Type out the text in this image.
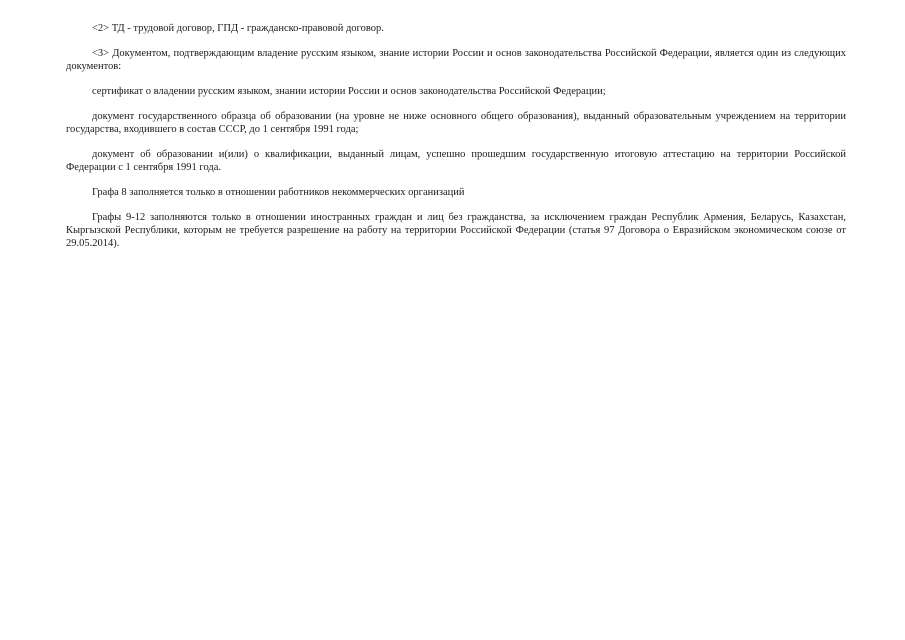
<2> ТД - трудовой договор, ГПД - гражданско-правовой договор.

<3> Документом, подтверждающим владение русским языком, знание истории России и основ законодательства Российской Федерации, является один из следующих документов:

сертификат о владении русским языком, знании истории России и основ законодательства Российской Федерации;

документ государственного образца об образовании (на уровне не ниже основного общего образования), выданный образовательным учреждением на территории государства, входившего в состав СССР, до 1 сентября 1991 года;

документ об образовании и(или) о квалификации, выданный лицам, успешно прошедшим государственную итоговую аттестацию на территории Российской Федерации с 1 сентября 1991 года.

Графа 8 заполняется только в отношении работников некоммерческих организаций

Графы 9-12 заполняются только в отношении иностранных граждан и лиц без гражданства, за исключением граждан Республик Армения, Беларусь, Казахстан, Кыргызской Республики, которым не требуется разрешение на работу на территории Российской Федерации (статья 97 Договора о Евразийском экономическом союзе от 29.05.2014).
